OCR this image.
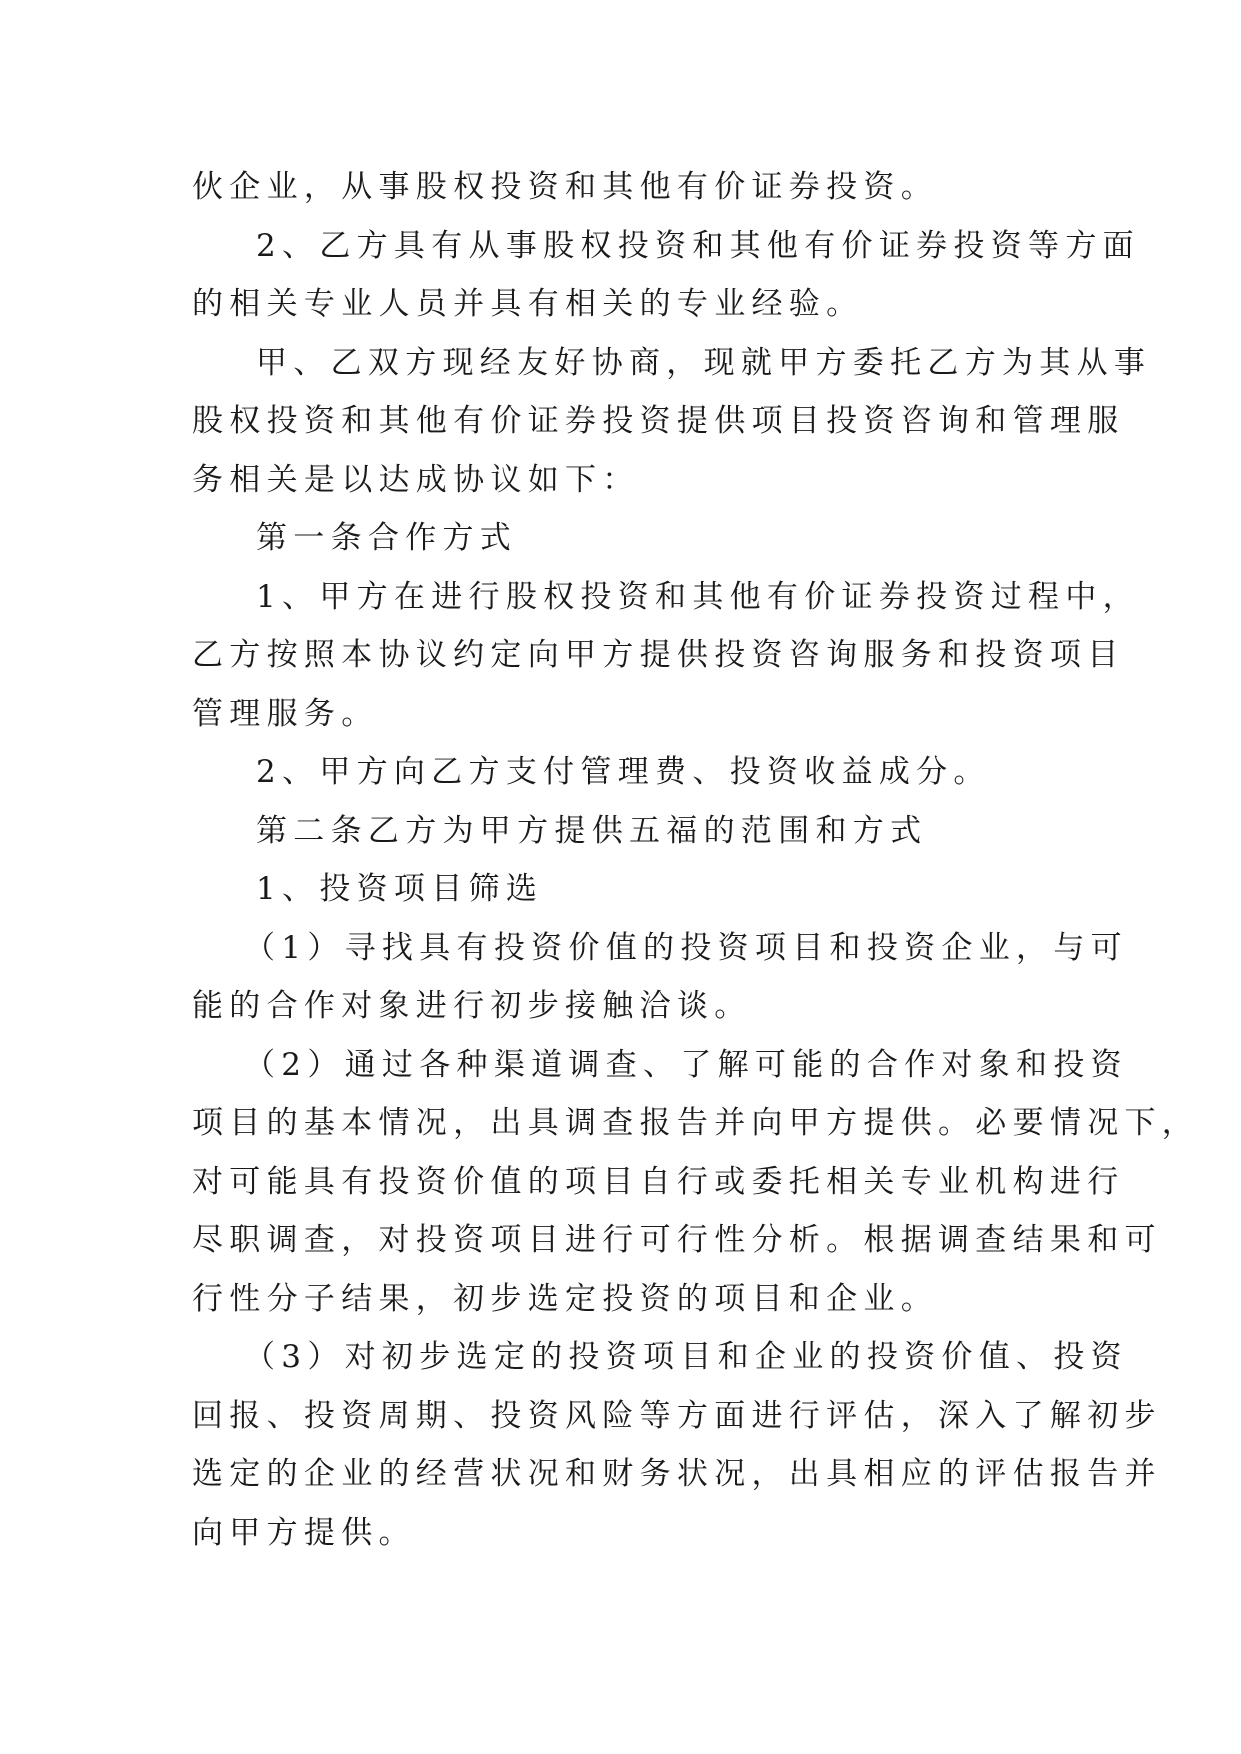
伙企业，从事股权投资和其他有价证券投资。
2、乙方具有从事股权投资和其他有价证券投资等方面
的相关专业人员并具有相关的专业经验。
甲、乙双方现经友好协商，现就甲方委托乙方为其从事
股权投资和其他有价证券投资提供项目投资咨询和管理服
务相关是以达成协议如下：
第一条合作方式
1、甲方在进行股权投资和其他有价证券投资过程中，
乙方按照本协议约定向甲方提供投资咨询服务和投资项目
管理服务。
2、甲方向乙方支付管理费、投资收益成分。
第二条乙方为甲方提供五福的范围和方式
1、投资项目筛选
（1）寻找具有投资价值的投资项目和投资企业，与可
能的合作对象进行初步接触洽谈。
（2）通过各种渠道调查、了解可能的合作对象和投资
项目的基本情况，出具调查报告并向甲方提供。必要情况下，
对可能具有投资价值的项目自行或委托相关专业机构进行
尽职调查，对投资项目进行可行性分析。根据调查结果和可
行性分子结果，初步选定投资的项目和企业。
（3）对初步选定的投资项目和企业的投资价值、投资
回报、投资周期、投资风险等方面进行评估，深入了解初步
选定的企业的经营状况和财务状况，出具相应的评估报告并
向甲方提供。
